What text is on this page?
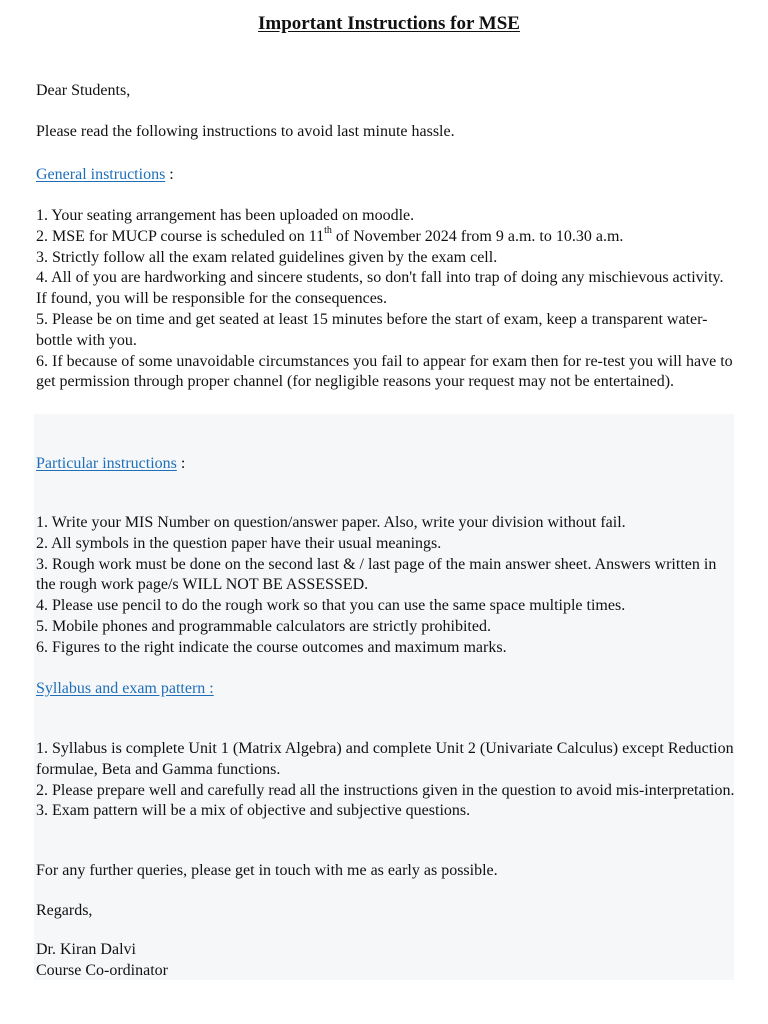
Important Instructions for MSE
Dear Students,
Please read the following instructions to avoid last minute hassle.
General instructions :
1. Your seating arrangement has been uploaded on moodle.
2. MSE for MUCP course is scheduled on 11th of November 2024 from 9 a.m. to 10.30 a.m.
3. Strictly follow all the exam related guidelines given by the exam cell.
4. All of you are hardworking and sincere students, so don't fall into trap of doing any mischievous activity. If found, you will be responsible for the consequences.
5. Please be on time and get seated at least 15 minutes before the start of exam, keep a transparent water-bottle with you.
6. If because of some unavoidable circumstances you fail to appear for exam then for re-test you will have to get permission through proper channel (for negligible reasons your request may not be entertained).
Particular instructions :
1. Write your MIS Number on question/answer paper. Also, write your division without fail.
2. All symbols in the question paper have their usual meanings.
3. Rough work must be done on the second last & / last page of the main answer sheet. Answers written in the rough work page/s WILL NOT BE ASSESSED.
4. Please use pencil to do the rough work so that you can use the same space multiple times.
5. Mobile phones and programmable calculators are strictly prohibited.
6. Figures to the right indicate the course outcomes and maximum marks.
Syllabus and exam pattern :
1. Syllabus is complete Unit 1 (Matrix Algebra) and complete Unit 2 (Univariate Calculus) except Reduction formulae, Beta and Gamma functions.
2. Please prepare well and carefully read all the instructions given in the question to avoid mis-interpretation.
3. Exam pattern will be a mix of objective and subjective questions.
For any further queries, please get in touch with me as early as possible.
Regards,
Dr. Kiran Dalvi
Course Co-ordinator
